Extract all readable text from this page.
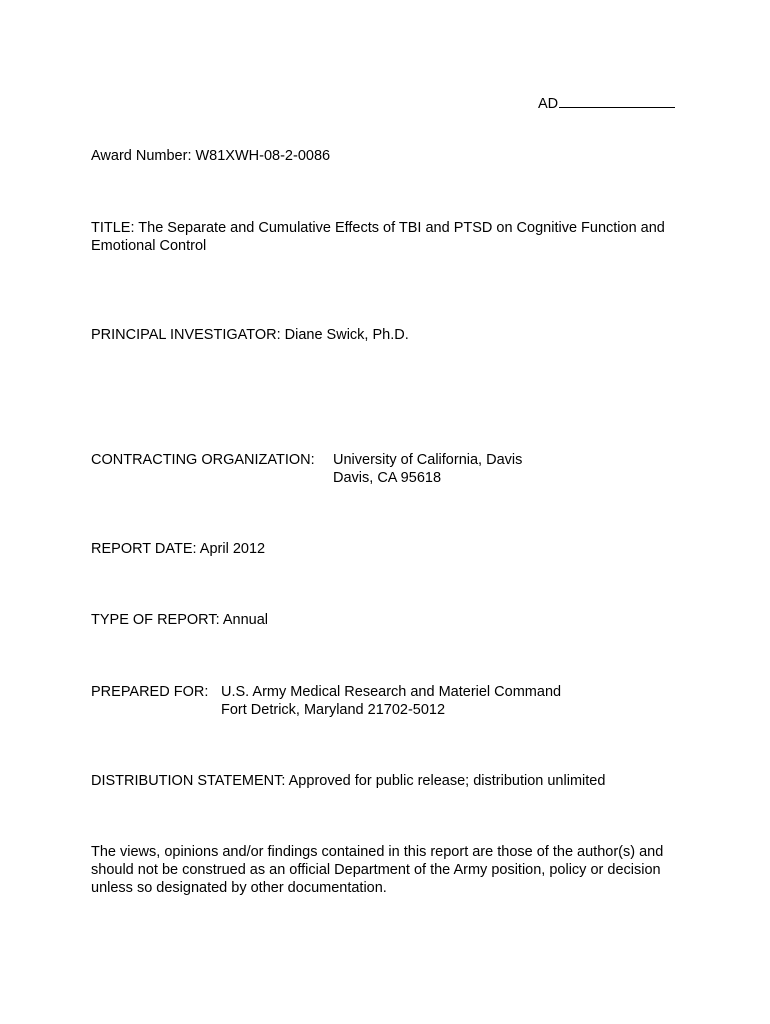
AD
Award Number: W81XWH-08-2-0086
TITLE: The Separate and Cumulative Effects of TBI and PTSD on Cognitive Function and Emotional Control
PRINCIPAL INVESTIGATOR: Diane Swick, Ph.D.
CONTRACTING ORGANIZATION: University of California, Davis
Davis, CA 95618
REPORT DATE: April 2012
TYPE OF REPORT: Annual
PREPARED FOR: U.S. Army Medical Research and Materiel Command
Fort Detrick, Maryland 21702-5012
DISTRIBUTION STATEMENT: Approved for public release; distribution unlimited
The views, opinions and/or findings contained in this report are those of the author(s) and should not be construed as an official Department of the Army position, policy or decision unless so designated by other documentation.
